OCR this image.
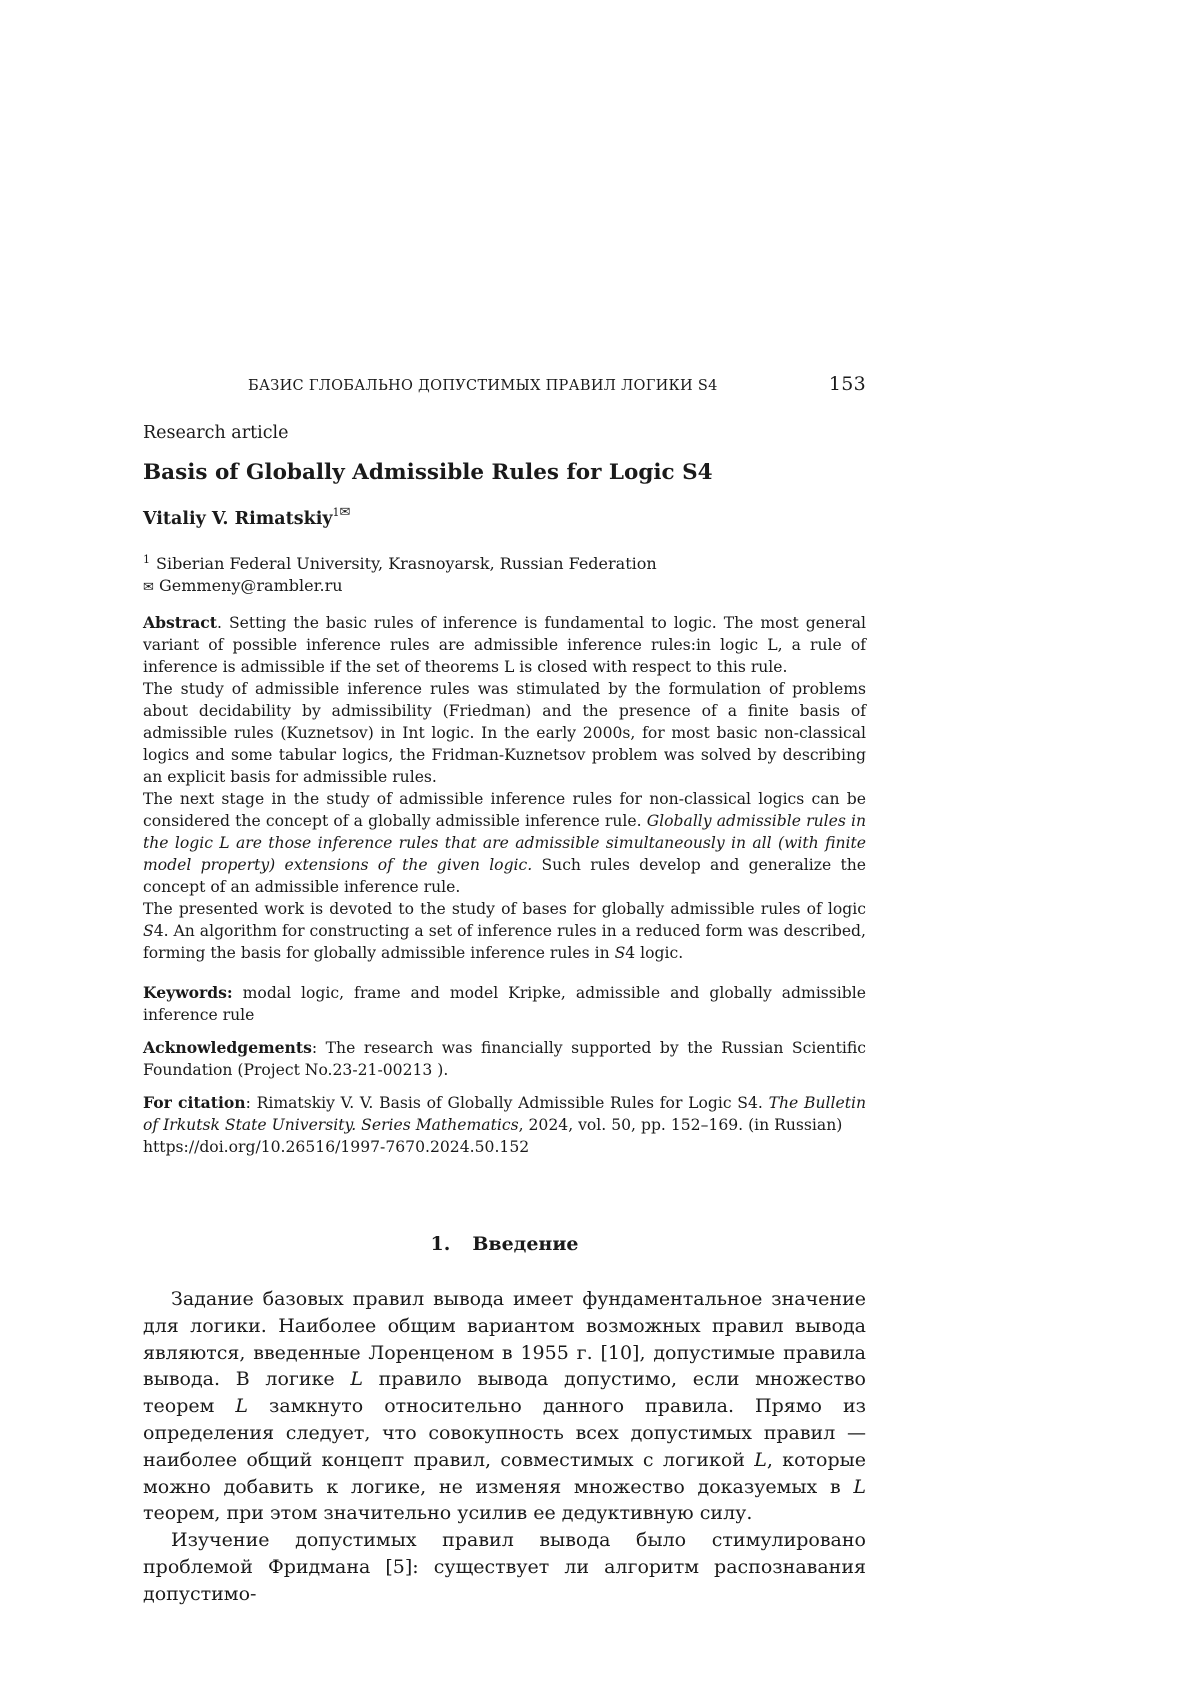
БАЗИС ГЛОБАЛЬНО ДОПУСТИМЫХ ПРАВИЛ ЛОГИКИ S4	153
Research article
Basis of Globally Admissible Rules for Logic S4
Vitaliy V. Rimatskiy$^{1✉}$
$^1$ Siberian Federal University, Krasnoyarsk, Russian Federation
✉ Gemmeny@rambler.ru

Abstract. Setting the basic rules of inference is fundamental to logic. The most general variant of possible inference rules are admissible inference rules:in logic L, a rule of inference is admissible if the set of theorems L is closed with respect to this rule.

The study of admissible inference rules was stimulated by the formulation of problems about decidability by admissibility (Friedman) and the presence of a finite basis of admissible rules (Kuznetsov) in Int logic. In the early 2000s, for most basic non-classical logics and some tabular logics, the Fridman-Kuznetsov problem was solved by describing an explicit basis for admissible rules.

The next stage in the study of admissible inference rules for non-classical logics can be considered the concept of a globally admissible inference rule. Globally admissible rules in the logic L are those inference rules that are admissible simultaneously in all (with finite model property) extensions of the given logic. Such rules develop and generalize the concept of an admissible inference rule.

The presented work is devoted to the study of bases for globally admissible rules of logic S4. An algorithm for constructing a set of inference rules in a reduced form was described, forming the basis for globally admissible inference rules in S4 logic.

Keywords: modal logic, frame and model Kripke, admissible and globally admissible inference rule
Acknowledgements: The research was financially supported by the Russian Scientific Foundation (Project No.23-21-00213 ).
For citation: Rimatskiy V. V. Basis of Globally Admissible Rules for Logic S4. The Bulletin of Irkutsk State University. Series Mathematics, 2024, vol. 50, pp. 152–169. (in Russian)
https://doi.org/10.26516/1997-7670.2024.50.152
1. Введение

Задание базовых правил вывода имеет фундаментальное значение для логики. Наиболее общим вариантом возможных правил вывода являются, введенные Лоренценом в 1955 г. [10], допустимые правила вывода. В логике L правило вывода допустимо, если множество теорем L замкнуто относительно данного правила. Прямо из определения следует, что совокупность всех допустимых правил — наиболее общий концепт правил, совместимых с логикой L, которые можно добавить к логике, не изменяя множество доказуемых в L теорем, при этом значительно усилив ее дедуктивную силу.

Изучение допустимых правил вывода было стимулировано проблемой Фридмана [5]: существует ли алгоритм распознавания допустимо-
